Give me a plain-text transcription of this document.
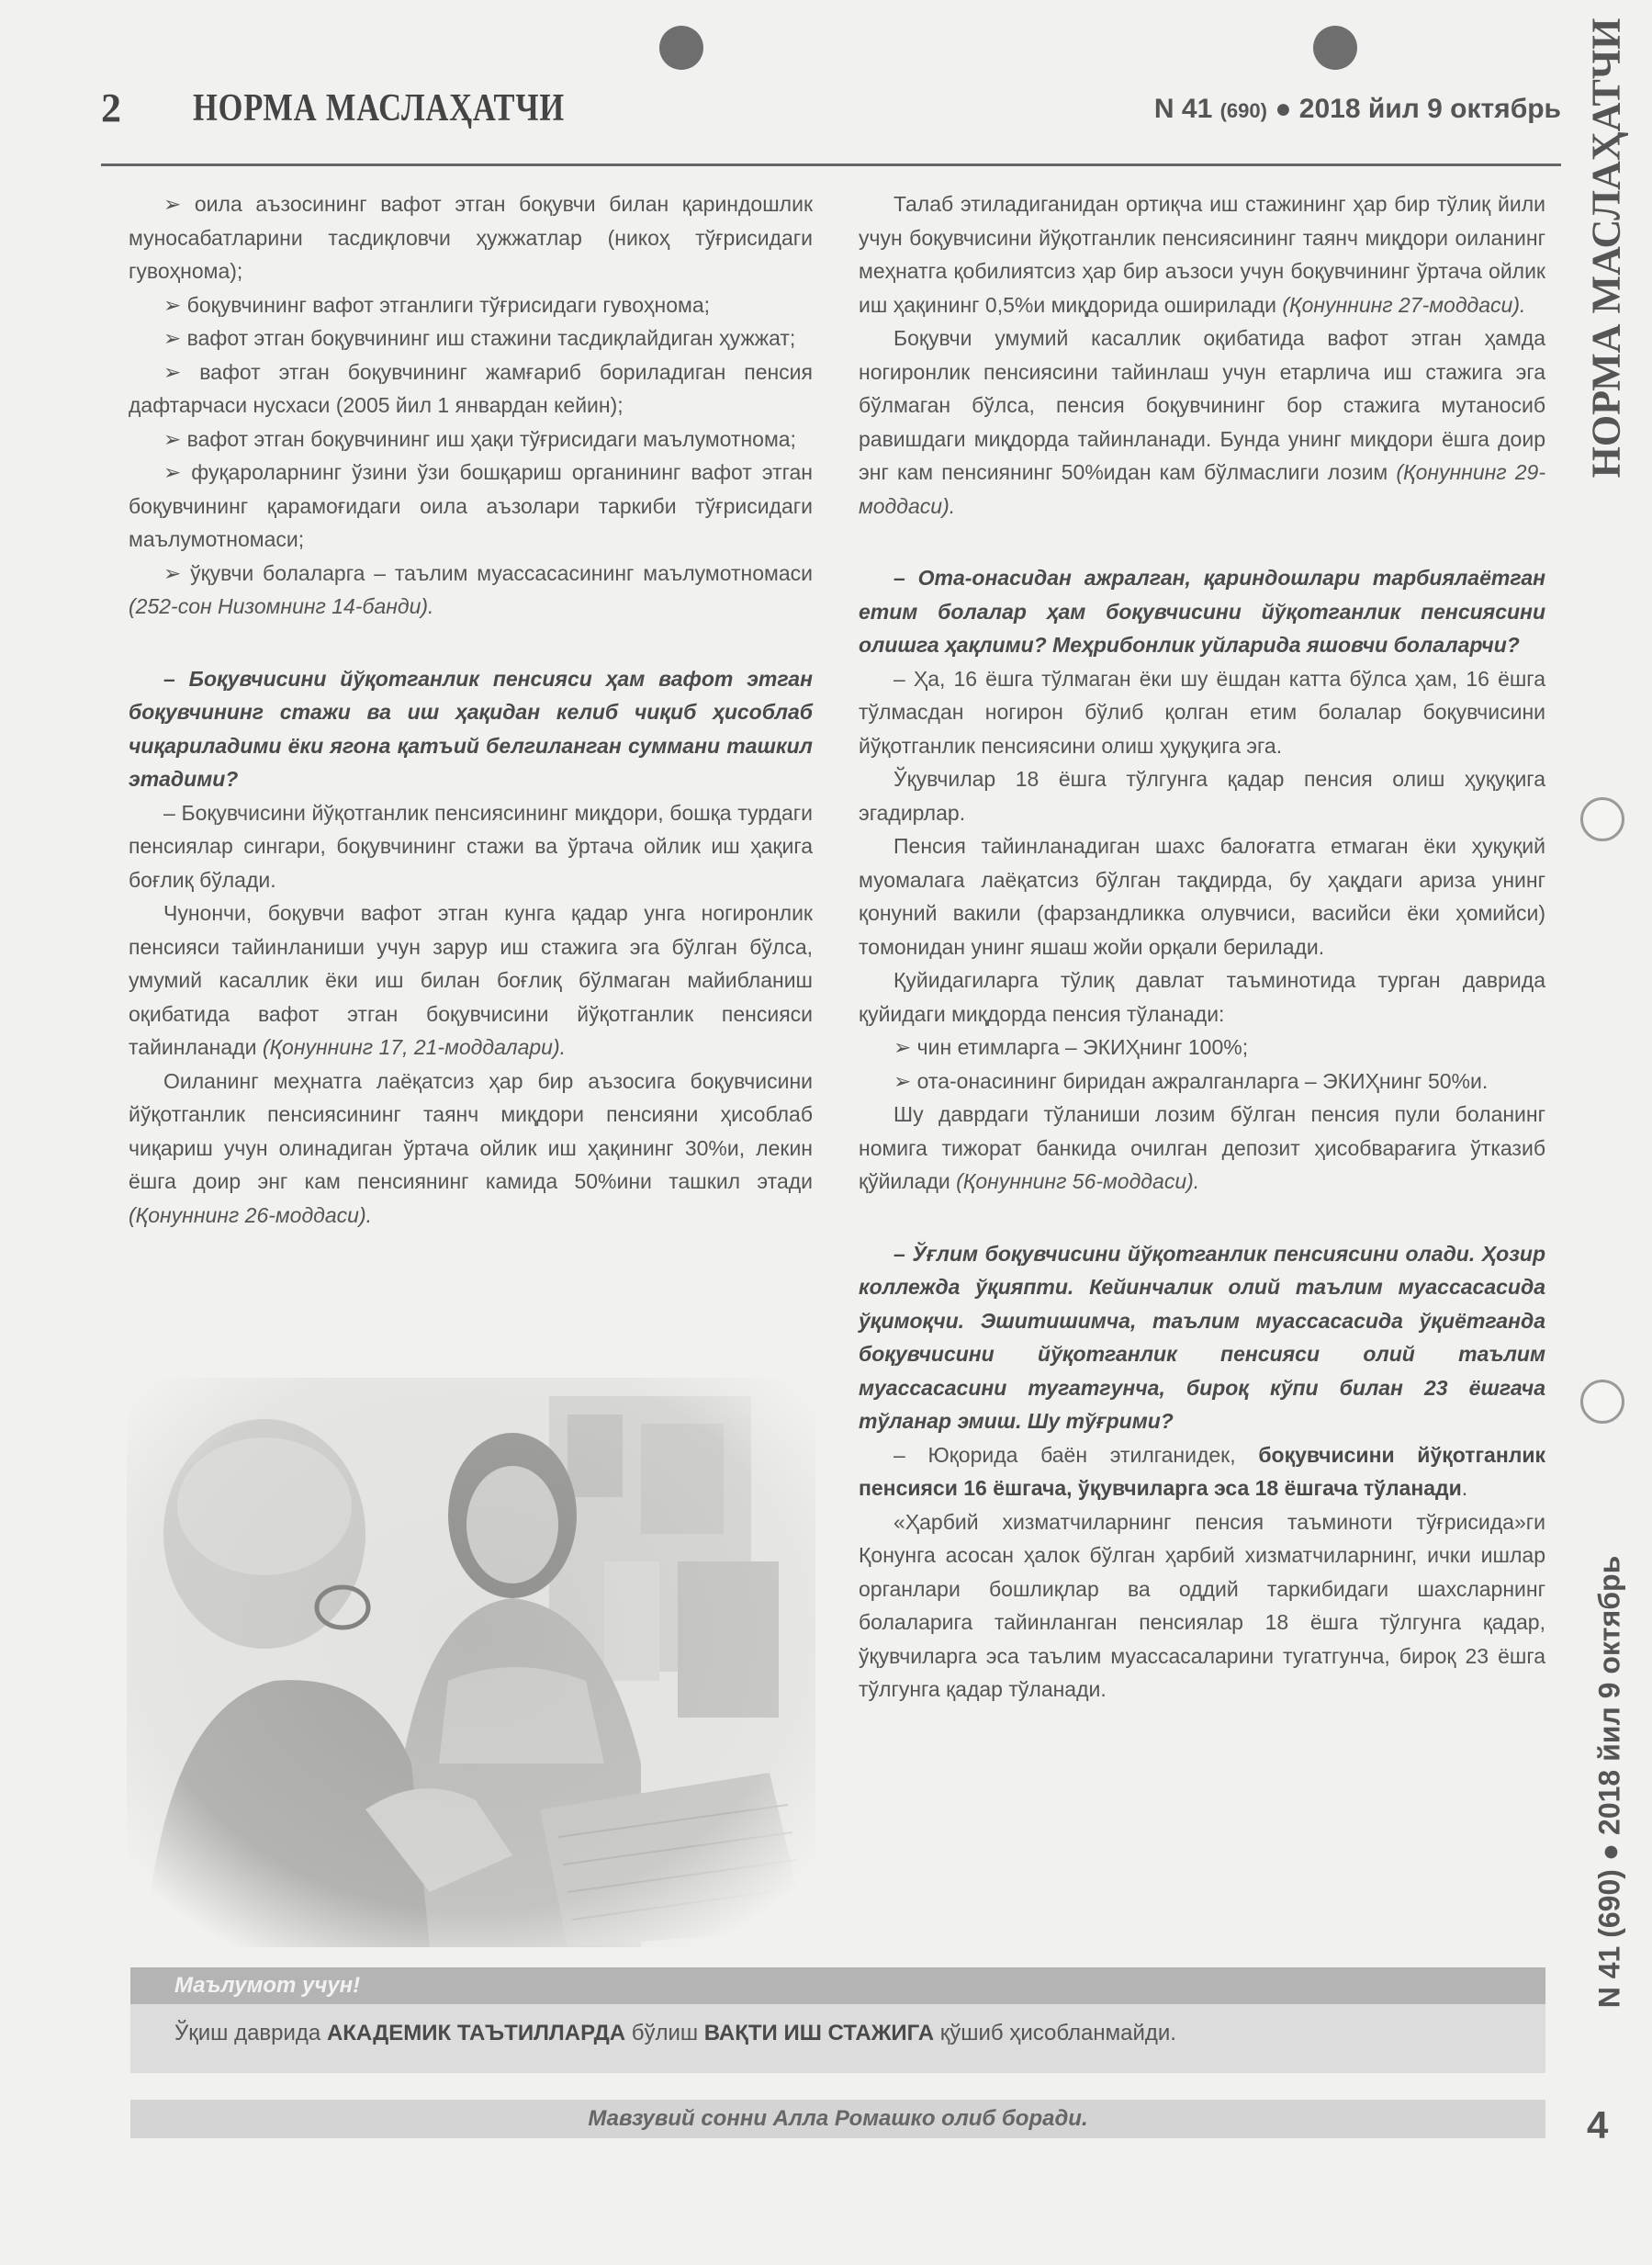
2 НОРМА МАСЛАҲАТЧИ	N 41 (690) ● 2018 йил 9 октябрь НОРМА МАСЛАҲАТЧИ
N 41 (690) ● 2018 йил 9 октябрь
4

➢ оила аъзосининг вафот этган боқувчи билан қариндошлик муносабатларини тасдиқловчи ҳужжатлар (никоҳ тўғрисидаги гувоҳнома);

➢ боқувчининг вафот этганлиги тўғрисидаги гувоҳнома;

➢ вафот этган боқувчининг иш стажини тасдиқлайдиган ҳужжат;

➢ вафот этган боқувчининг жамғариб бориладиган пенсия дафтарчаси нусхаси (2005 йил 1 январдан кейин);

➢ вафот этган боқувчининг иш ҳақи тўғрисидаги маълумотнома;

➢ фуқароларнинг ўзини ўзи бошқариш органининг вафот этган боқувчининг қарамоғидаги оила аъзолари таркиби тўғрисидаги маълумотномаси;

➢ ўқувчи болаларга – таълим муассасасининг маълумотномаси (252-сон Низомнинг 14-банди).

– Боқувчисини йўқотганлик пенсияси ҳам вафот этган боқувчининг стажи ва иш ҳақидан келиб чиқиб ҳисоблаб чиқариладими ёки ягона қатъий белгиланган суммани ташкил этадими?

– Боқувчисини йўқотганлик пенсиясининг миқдори, бошқа турдаги пенсиялар сингари, боқувчининг стажи ва ўртача ойлик иш ҳақига боғлиқ бўлади.

Чунончи, боқувчи вафот этган кунга қадар унга ногиронлик пенсияси тайинланиши учун зарур иш стажига эга бўлган бўлса, умумий касаллик ёки иш билан боғлиқ бўлмаган майибланиш оқибатида вафот этган боқувчисини йўқотганлик пенсияси тайинланади (Қонуннинг 17, 21-моддалари).

Оиланинг меҳнатга лаёқатсиз ҳар бир аъзосига боқувчисини йўқотганлик пенсиясининг таянч миқдори пенсияни ҳисоблаб чиқариш учун олинадиган ўртача ойлик иш ҳақининг 30%и, лекин ёшга доир энг кам пенсиянинг камида 50%ини ташкил этади (Қонуннинг 26-моддаси).

Талаб этиладиганидан ортиқча иш стажининг ҳар бир тўлиқ йили учун боқувчисини йўқотганлик пенсиясининг таянч миқдори оиланинг меҳнатга қобилиятсиз ҳар бир аъзоси учун боқувчининг ўртача ойлик иш ҳақининг 0,5%и миқдорида оширилади (Қонуннинг 27-моддаси).

Боқувчи умумий касаллик оқибатида вафот этган ҳамда ногиронлик пенсиясини тайинлаш учун етарлича иш стажига эга бўлмаган бўлса, пенсия боқувчининг бор стажига мутаносиб равишдаги миқдорда тайинланади. Бунда унинг миқдори ёшга доир энг кам пенсиянинг 50%идан кам бўлмаслиги лозим (Қонуннинг 29-моддаси).

– Ота-онасидан ажралган, қариндошлари тарбиялаётган етим болалар ҳам боқувчисини йўқотганлик пенсиясини олишга ҳақлими? Меҳрибонлик уйларида яшовчи болаларчи?

– Ҳа, 16 ёшга тўлмаган ёки шу ёшдан катта бўлса ҳам, 16 ёшга тўлмасдан ногирон бўлиб қолган етим болалар боқувчисини йўқотганлик пенсиясини олиш ҳуқуқига эга.

Ўқувчилар 18 ёшга тўлгунга қадар пенсия олиш ҳуқуқига эгадирлар.

Пенсия тайинланадиган шахс балоғатга етмаган ёки ҳуқуқий муомалага лаёқатсиз бўлган тақдирда, бу ҳақдаги ариза унинг қонуний вакили (фарзандликка олувчиси, васийси ёки ҳомийси) томонидан унинг яшаш жойи орқали берилади.

Қуйидагиларга тўлиқ давлат таъминотида турган даврида қуйидаги миқдорда пенсия тўланади:

➢ чин етимларга – ЭКИҲнинг 100%;

➢ ота-онасининг биридан ажралганларга – ЭКИҲнинг 50%и.

Шу даврдаги тўланиши лозим бўлган пенсия пули боланинг номига тижорат банкида очилган депозит ҳисобварағига ўтказиб қўйилади (Қонуннинг 56-моддаси).

– Ўғлим боқувчисини йўқотганлик пенсиясини олади. Ҳозир коллежда ўқияпти. Кейинчалик олий таълим муассасасида ўқимоқчи. Эшитишимча, таълим муассасасида ўқиётганда боқувчисини йўқотганлик пенсияси олий таълим муассасасини тугатгунча, бироқ кўпи билан 23 ёшгача тўланар эмиш. Шу тўғрими?

– Юқорида баён этилганидек, боқувчисини йўқотганлик пенсияси 16 ёшгача, ўқувчиларга эса 18 ёшгача тўланади.

«Ҳарбий хизматчиларнинг пенсия таъминоти тўғрисида»ги Қонунга асосан ҳалок бўлган ҳарбий хизматчиларнинг, ички ишлар органлари бошлиқлар ва оддий таркибидаги шахсларнинг болаларига тайинланган пенсиялар 18 ёшга тўлгунга қадар, ўқувчиларга эса таълим муассасаларини тугатгунча, бироқ 23 ёшга тўлгунга қадар тўланади.

Маълумот учун!
Ўқиш даврида АКАДЕМИК ТАЪТИЛЛАРДА бўлиш ВАҚТИ ИШ СТАЖИГА қўшиб ҳисобланмайди.
Мавзувий сонни Алла Ромашко олиб боради.
